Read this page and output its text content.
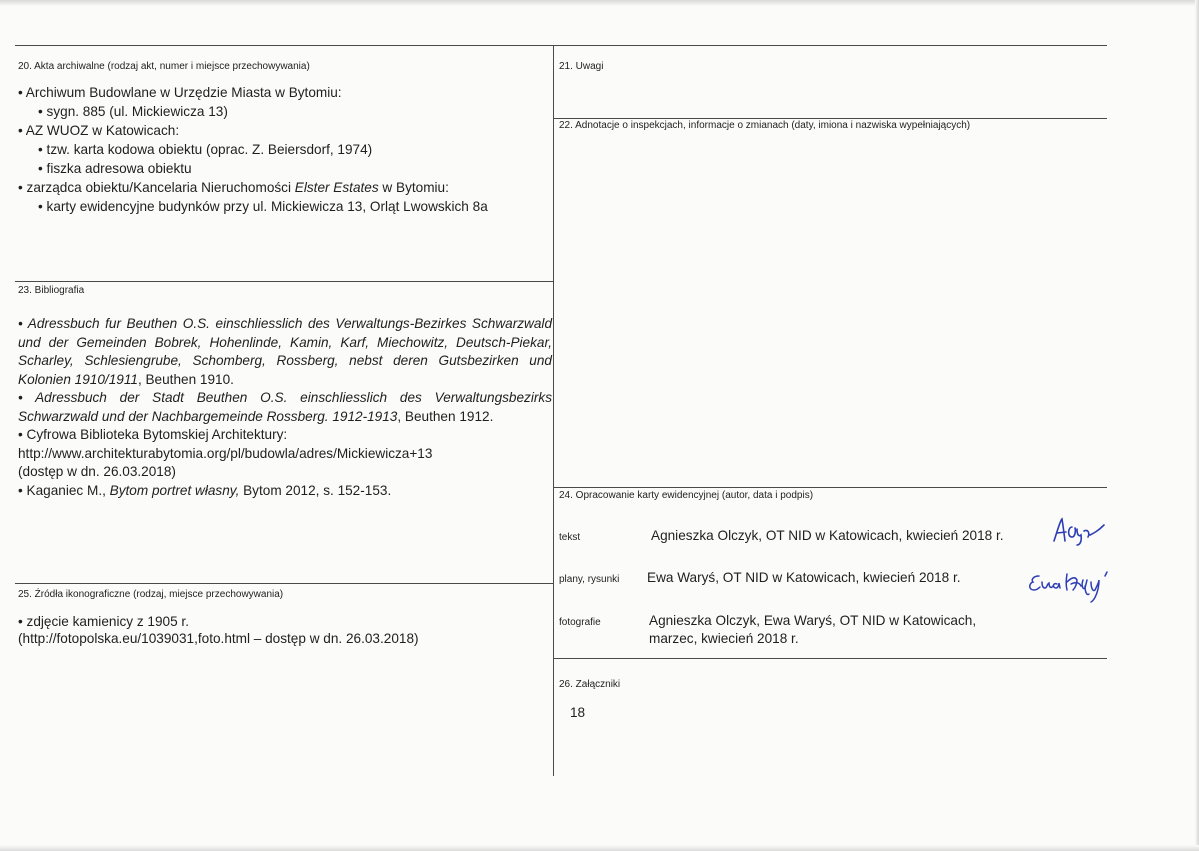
20. Akta archiwalne (rodzaj akt, numer i miejsce przechowywania)
• Archiwum Budowlane w Urzędzie Miasta w Bytomiu:
• sygn. 885 (ul. Mickiewicza 13)
• AZ WUOZ w Katowicach:
• tzw. karta kodowa obiektu (oprac. Z. Beiersdorf, 1974)
• fiszka adresowa obiektu
• zarządca obiektu/Kancelaria Nieruchomości Elster Estates w Bytomiu:
• karty ewidencyjne budynków przy ul. Mickiewicza 13, Orląt Lwowskich 8a
21. Uwagi
22. Adnotacje o inspekcjach, informacje o zmianach (daty, imiona i nazwiska wypełniających)
23. Bibliografia
• Adressbuch fur Beuthen O.S. einschliesslich des Verwaltungs-Bezirkes Schwarzwald und der Gemeinden Bobrek, Hohenlinde, Kamin, Karf, Miechowitz, Deutsch-Piekar, Scharley, Schlesiengrube, Schomberg, Rossberg, nebst deren Gutsbezirken und Kolonien 1910/1911, Beuthen 1910.
• Adressbuch der Stadt Beuthen O.S. einschliesslich des Verwaltungsbezirks Schwarzwald und der Nachbargemeinde Rossberg. 1912-1913, Beuthen 1912.
• Cyfrowa Biblioteka Bytomskiej Architektury:
http://www.architekturabytomia.org/pl/budowla/adres/Mickiewicza+13
(dostęp w dn. 26.03.2018)
• Kaganiec M., Bytom portret własny, Bytom 2012, s. 152-153.	24. Opracowanie karty ewidencyjnej (autor, data i podpis)
tekst	Agnieszka Olczyk, OT NID w Katowicach, kwiecień 2018 r.
plany, rysunki Ewa Waryś, OT NID w Katowicach, kwiecień 2018 r.
fotografie	Agnieszka Olczyk, Ewa Waryś, OT NID w Katowicach,
marzec, kwiecień 2018 r.
25. Źródła ikonograficzne (rodzaj, miejsce przechowywania)
• zdjęcie kamienicy z 1905 r.
(http://fotopolska.eu/1039031,foto.html – dostęp w dn. 26.03.2018)
26. Załączniki
18
